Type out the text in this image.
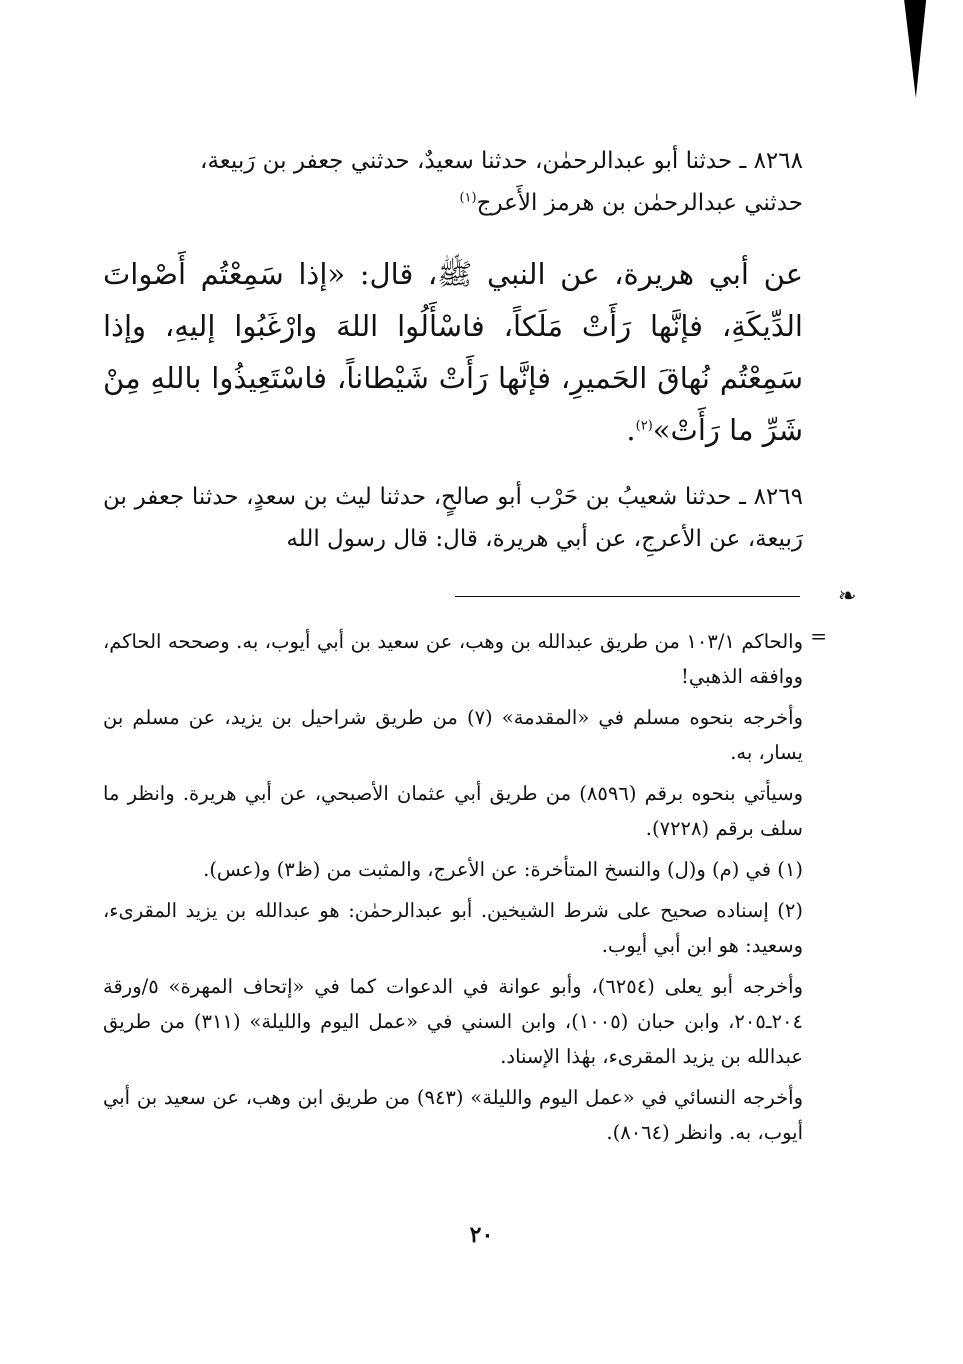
٨٢٦٨ ـ حدثنا أبو عبدالرحمٰن، حدثنا سعيدٌ، حدثني جعفر بن رَبيعة،
حدثني عبدالرحمٰن بن هرمز الأَعرج$^{(١)}$
عن أبي هريرة، عن النبي ﷺ، قال: «إذا سَمِعْتُم أَصْواتَ الدِّيكَةِ، فإنَّها رَأَتْ مَلَكاً، فاسْأَلُوا اللهَ وارْغَبُوا إليهِ، وإذا سَمِعْتُم نُهاقَ الحَميرِ، فإنَّها رَأَتْ شَيْطاناً، فاسْتَعِيذُوا باللهِ مِنْ شَرِّ ما رَأَتْ»$^{(٢)}$.
٨٢٦٩ ـ حدثنا شعيبُ بن حَرْب أبو صالحٍ، حدثنا ليث بن سعدٍ، حدثنا جعفر بن رَبيعة، عن الأعرجِ، عن أبي هريرة، قال: قال رسول الله
❧
=

والحاكم ١٠٣/١ من طريق عبدالله بن وهب، عن سعيد بن أبي أيوب، به. وصححه الحاكم، ووافقه الذهبي!

وأخرجه بنحوه مسلم في «المقدمة» (٧) من طريق شراحيل بن يزيد، عن مسلم بن يسار، به.

وسيأتي بنحوه برقم (٨٥٩٦) من طريق أبي عثمان الأصبحي، عن أبي هريرة. وانظر ما سلف برقم (٧٢٢٨).

(١) في (م) و(ل) والنسخ المتأخرة: عن الأعرج، والمثبت من (ظ٣) و(عس).

(٢) إسناده صحيح على شرط الشيخين. أبو عبدالرحمٰن: هو عبدالله بن يزيد المقرىء، وسعيد: هو ابن أبي أيوب.

وأخرجه أبو يعلى (٦٢٥٤)، وأبو عوانة في الدعوات كما في «إتحاف المهرة» ٥/ورقة ٢٠٤ـ٢٠٥، وابن حبان (١٠٠٥)، وابن السني في «عمل اليوم والليلة» (٣١١) من طريق عبدالله بن يزيد المقرىء، بهٰذا الإسناد.

وأخرجه النسائي في «عمل اليوم والليلة» (٩٤٣) من طريق ابن وهب، عن سعيد بن أبي أيوب، به. وانظر (٨٠٦٤).

٢٠
